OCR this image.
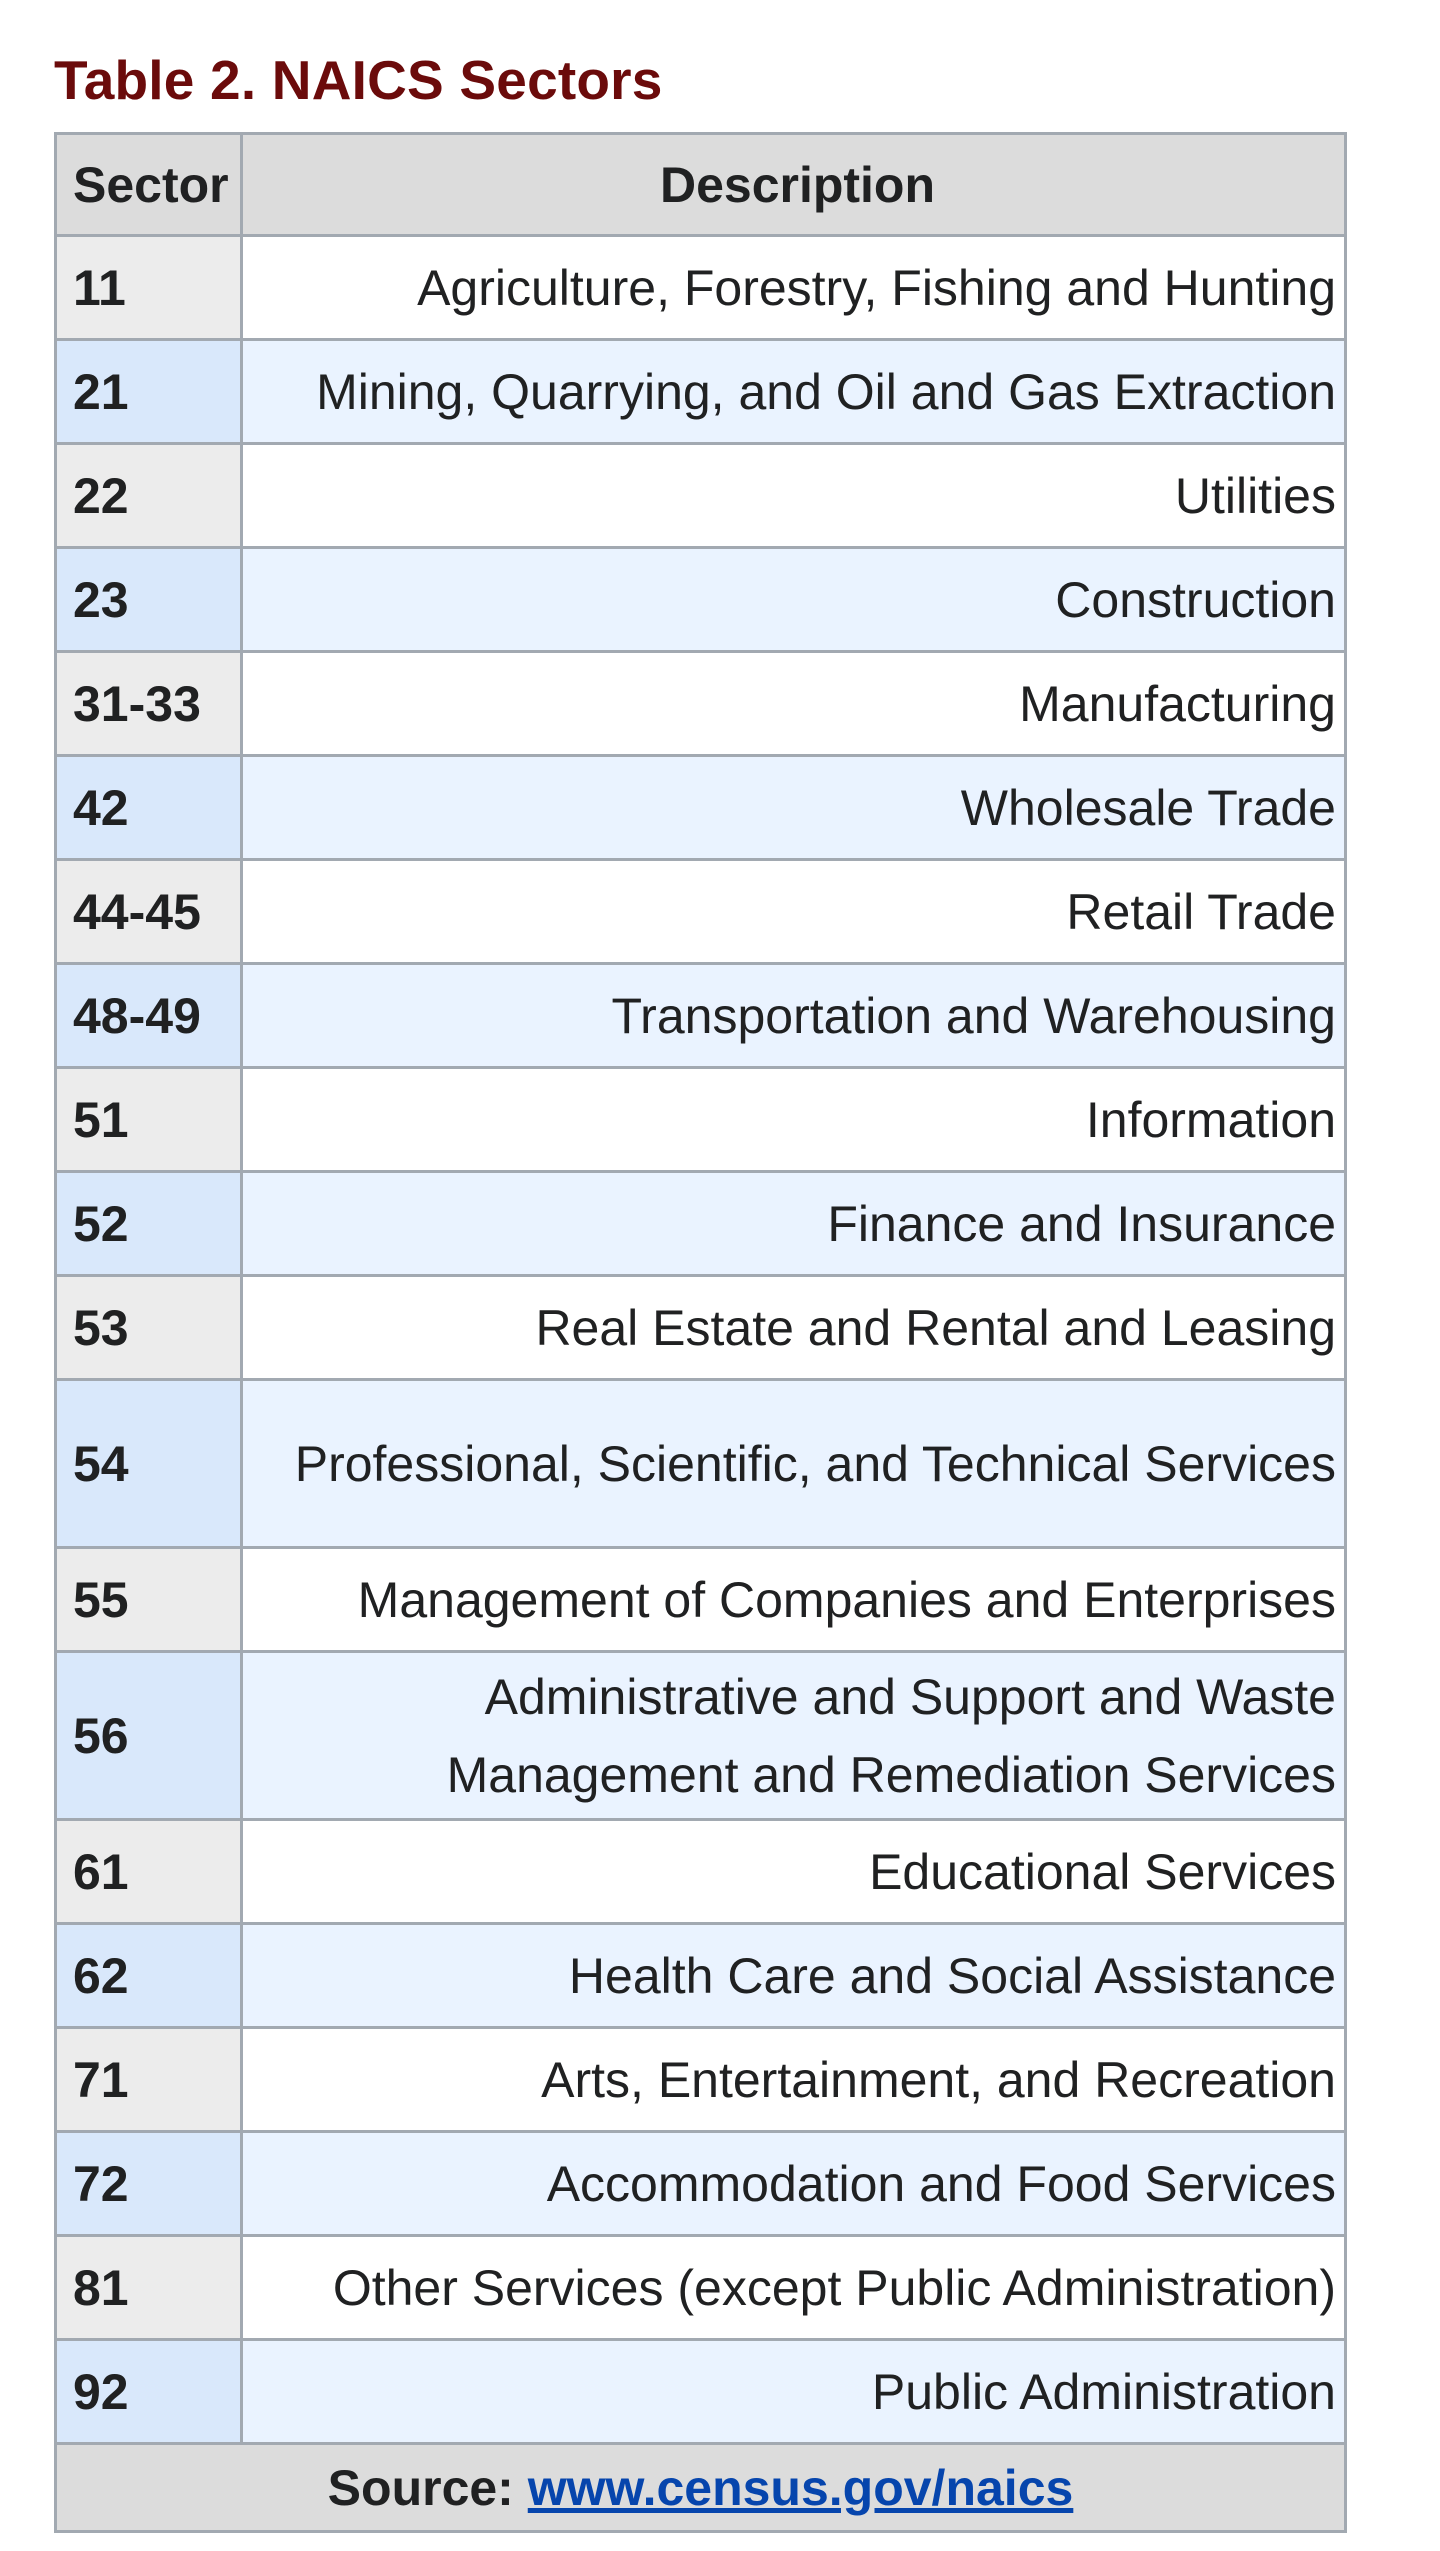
Table 2. NAICS Sectors
Sector	Description
11	Agriculture, Forestry, Fishing and Hunting
21	Mining, Quarrying, and Oil and Gas Extraction
22	Utilities
23	Construction
31-33	Manufacturing
42	Wholesale Trade
44-45	Retail Trade
48-49	Transportation and Warehousing
51	Information
52	Finance and Insurance
53	Real Estate and Rental and Leasing
54	Professional, Scientific, and Technical Services
55	Management of Companies and Enterprises
56	Administrative and Support and Waste Management and Remediation Services
61	Educational Services
62	Health Care and Social Assistance
71	Arts, Entertainment, and Recreation
72	Accommodation and Food Services
81	Other Services (except Public Administration)
92	Public Administration
Source: www.census.gov/naics	
